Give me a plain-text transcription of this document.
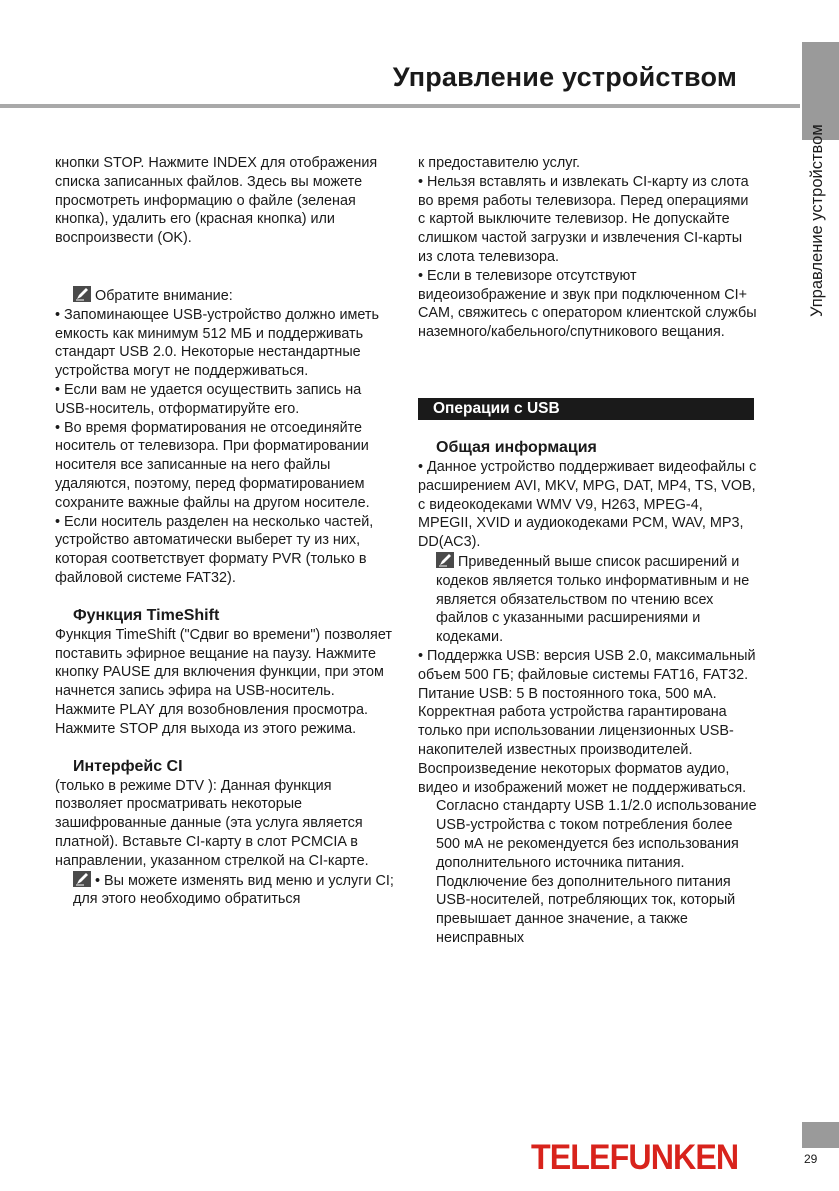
Управление устройством
Управление устройством

кнопки STOP. Нажмите INDEX для отображения списка записанных файлов. Здесь вы можете просмотреть информацию о файле (зеленая кнопка), удалить его (красная кнопка) или воспроизвести (OK).

Обратите внимание:

• Запоминающее USB-устройство должно иметь емкость как минимум 512 МБ и поддерживать стандарт USB 2.0. Некоторые нестандартные устройства могут не поддерживаться.

• Если вам не удается осуществить запись на USB-носитель, отформатируйте его.

• Во время форматирования не отсоединяйте носитель от телевизора. При форматировании носителя все записанные на него файлы удаляются, поэтому, перед форматированием сохраните важные файлы на другом носителе.

• Если носитель разделен на несколько частей, устройство автоматически выберет ту из них, которая соответствует формату PVR (только в файловой системе FAT32).

Функция TimeShift

Функция TimeShift ("Сдвиг во времени") позволяет поставить эфирное вещание на паузу. Нажмите кнопку PAUSE для включения функции, при этом начнется запись эфира на USB-носитель. Нажмите PLAY для возобновления просмотра. Нажмите STOP для выхода из этого режима.

Интерфейс CI

(только в режиме DTV ): Данная функция позволяет просматривать некоторые зашифрованные данные (эта услуга является платной). Вставьте CI-карту в слот PCMCIA в направлении, указанном стрелкой на CI-карте.

• Вы можете изменять вид меню и услуги CI; для этого необходимо обратиться

к предоставителю услуг.

• Нельзя вставлять и извлекать CI-карту из слота во время работы телевизора. Перед операциями с картой выключите телевизор. Не допускайте слишком частой загрузки и извлечения CI-карты из слота телевизора.

• Если в телевизоре отсутствуют видеоизображение и звук при подключенном CI+ CAM, свяжитесь с оператором клиентской службы наземного/кабельного/спутникового вещания.

Операции с USB
Общая информация

• Данное устройство поддерживает видеофайлы с расширением AVI, MKV, MPG, DAT, MP4, TS, VOB, с видеокодеками WMV V9, H263, MPEG-4, MPEGII, XVID и аудиокодеками PCM, WAV, MP3, DD(AC3).

Приведенный выше список расширений и кодеков является только информативным и не является обязательством по чтению всех файлов с указанными расширениями и кодеками.

• Поддержка USB: версия USB 2.0, максимальный объем 500 ГБ; файловые системы FAT16, FAT32. Питание USB: 5 В постоянного тока, 500 мА. Корректная работа устройства гарантирована только при использовании лицензионных USB-накопителей известных производителей. Воспроизведение некоторых форматов аудио, видео и изображений может не поддерживаться.

Согласно стандарту USB 1.1/2.0 использование USB-устройства с током потребления более 500 мА не рекомендуется без использования дополнительного источника питания. Подключение без дополнительного питания USB-носителей, потребляющих ток, который превышает данное значение, а также неисправных

TELEFUNKEN	29
